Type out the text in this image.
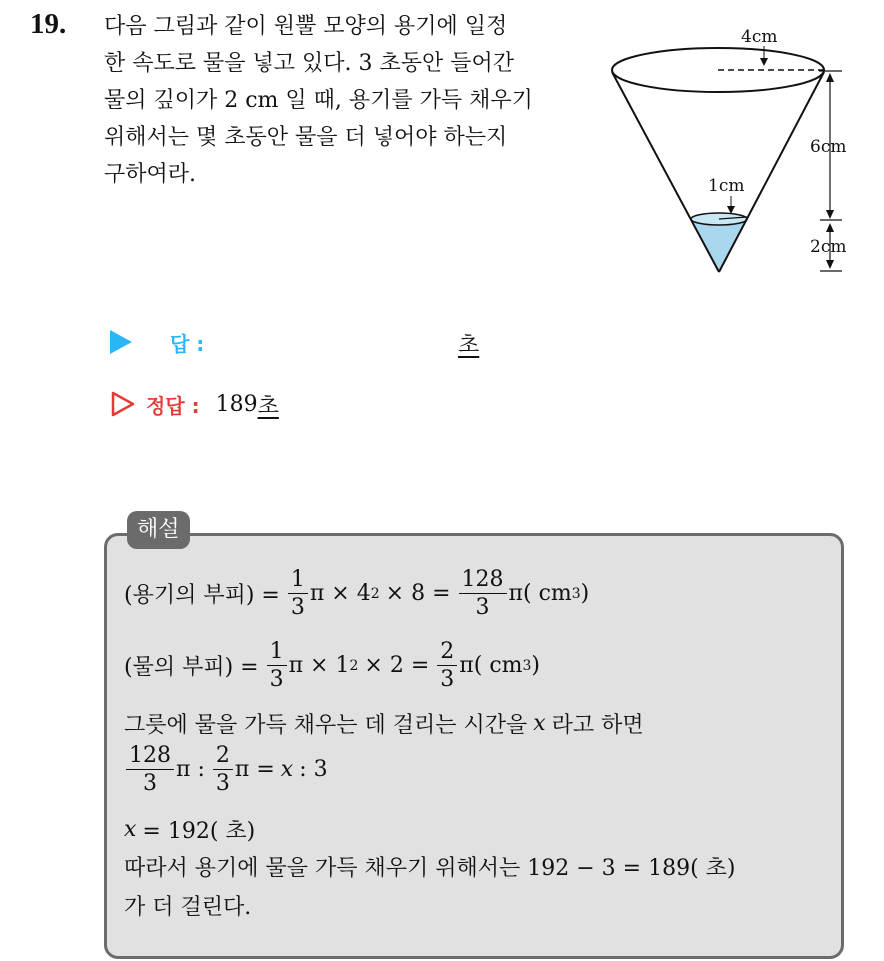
19. 다음 그림과 같이 원뿔 모양의 용기에 일정
한 속도로 물을 넣고 있다. 3 초동안 들어간
물의 깊이가 2 cm 일 때, 용기를 가득 채우기
위해서는 몇 초동안 물을 더 넣어야 하는지
구하여라.
4cm
1cm
6cm
2cm
답 :	초
정답 : 189 초
해설
(용기의 부피) = $\frac{1}{3}$ π × 4 $2 \times 8 = \frac{128}{3} \pi$( cm 3 )
(물의 부피) = $\frac{1}{3}$ π × 1 $2 \times 2 = \frac{2}{3} \pi$( cm 3 )
그릇에 물을 가득 채우는 데 걸리는 시간을 x 라고 하면
$\frac{128}{3}$ π : $\frac{2}{3}$ π = x : 3
x = 192( 초)
따라서 용기에 물을 가득 채우기 위해서는 192 − 3 = 189( 초)
가 더 걸린다.
